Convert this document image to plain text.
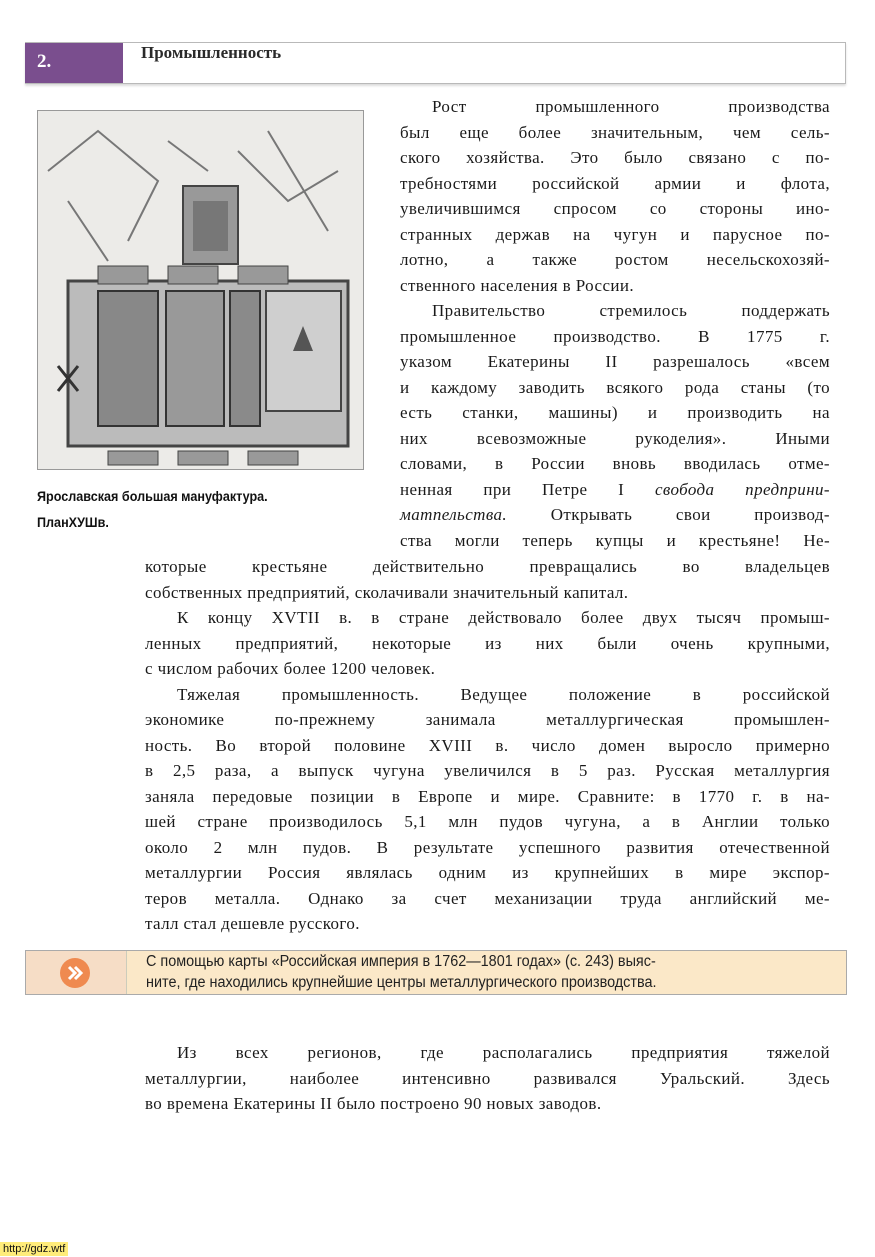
2.	Промышленность
Ярославская большая мануфактура.
ПланХУШв.
Рост промышленного производства
был еще более значительным, чем сель-
ского хозяйства. Это было связано с по-
требностями российской армии и флота,
увеличившимся спросом со стороны ино-
странных держав на чугун и парусное по-
лотно, а также ростом несельскохозяй-
ственного населения в России.
Правительство стремилось поддержать
промышленное производство. В 1775 г.
указом Екатерины II разрешалось «всем
и каждому заводить всякого рода станы (то
есть станки, машины) и производить на
них всевозможные рукоделия». Иными
словами, в России вновь вводилась отме-
ненная при Петре I свобода предприни-
матпельства. Открывать свои производ-
ства могли теперь купцы и крестьяне! Не-
которые крестьяне действительно превращались во владельцев
собственных предприятий, сколачивали значительный капитал.
К концу XVTII в. в стране действовало более двух тысяч промыш-
ленных предприятий, некоторые из них были очень крупными,
с числом рабочих более 1200 человек.
Тяжелая промышленность. Ведущее положение в российской
экономике по-прежнему занимала металлургическая промышлен-
ность. Во второй половине XVIII в. число домен выросло примерно
в 2,5 раза, а выпуск чугуна увеличился в 5 раз. Русская металлургия
заняла передовые позиции в Европе и мире. Сравните: в 1770 г. в на-
шей стране производилось 5,1 млн пудов чугуна, а в Англии только
около 2 млн пудов. В результате успешного развития отечественной
металлургии Россия являлась одним из крупнейших в мире экспор-
теров металла. Однако за счет механизации труда английский ме-
талл стал дешевле русского.
Из всех регионов, где располагались предприятия тяжелой
металлургии, наиболее интенсивно развивался Уральский. Здесь
во времена Екатерины II было построено 90 новых заводов.
С помощью карты «Российская империя в 1762—1801 годах» (с. 243) выяс-
ните, где находились крупнейшие центры металлургического производства.
http://gdz.wtf
